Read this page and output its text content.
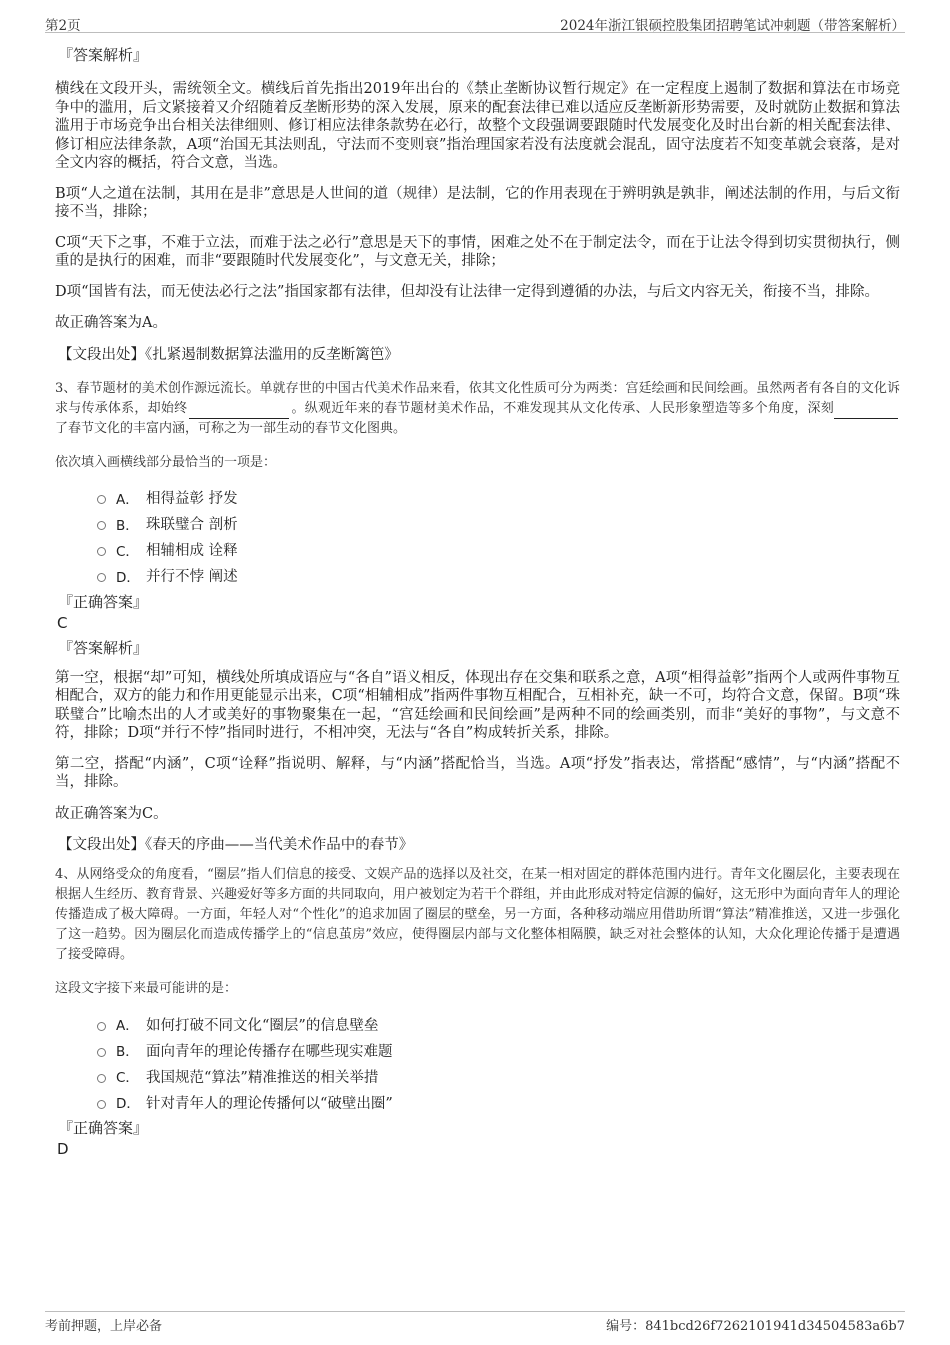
第2页	2024年浙江银硕控股集团招聘笔试冲刺题（带答案解析）

『答案解析』

横线在文段开头，需统领全文。横线后首先指出2019年出台的《禁止垄断协议暂行规定》在一定程度上遏制了数据和算法在市场竞争中的滥用，后文紧接着又介绍随着反垄断形势的深入发展，原来的配套法律已难以适应反垄断新形势需要，及时就防止数据和算法滥用于市场竞争出台相关法律细则、修订相应法律条款势在必行，故整个文段强调要跟随时代发展变化及时出台新的相关配套法律、修订相应法律条款，A项“治国无其法则乱，守法而不变则衰”指治理国家若没有法度就会混乱，固守法度若不知变革就会衰落，是对全文内容的概括，符合文意，当选。

B项“人之道在法制，其用在是非”意思是人世间的道（规律）是法制，它的作用表现在于辨明孰是孰非，阐述法制的作用，与后文衔接不当，排除；

C项“天下之事，不难于立法，而难于法之必行”意思是天下的事情，困难之处不在于制定法令，而在于让法令得到切实贯彻执行，侧重的是执行的困难，而非“要跟随时代发展变化”，与文意无关，排除；

D项“国皆有法，而无使法必行之法”指国家都有法律，但却没有让法律一定得到遵循的办法，与后文内容无关，衔接不当，排除。

故正确答案为A。

【文段出处】《扎紧遏制数据算法滥用的反垄断篱笆》

3、春节题材的美术创作源远流长。单就存世的中国古代美术作品来看，依其文化性质可分为两类：宫廷绘画和民间绘画。虽然两者有各自的文化诉求与传承体系，却始终	。纵观近年来的春节题材美术作品，不难发现其从文化传承、人民形象塑造等多个角度，深刻了春节文化的丰富内涵，可称之为一部生动的春节文化图典。

依次填入画横线部分最恰当的一项是：

A． 相得益彰 抒发
B． 珠联璧合 剖析
C． 相辅相成 诠释
D． 并行不悖 阐述

『正确答案』

C

『答案解析』

第一空，根据“却”可知，横线处所填成语应与“各自”语义相反，体现出存在交集和联系之意，A项“相得益彰”指两个人或两件事物互相配合，双方的能力和作用更能显示出来，C项“相辅相成”指两件事物互相配合，互相补充，缺一不可，均符合文意，保留。B项“珠联璧合”比喻杰出的人才或美好的事物聚集在一起，“宫廷绘画和民间绘画”是两种不同的绘画类别，而非“美好的事物”，与文意不符，排除；D项“并行不悖”指同时进行，不相冲突，无法与“各自”构成转折关系，排除。

第二空，搭配“内涵”，C项“诠释”指说明、解释，与“内涵”搭配恰当，当选。A项“抒发”指表达，常搭配“感情”，与“内涵”搭配不当，排除。

故正确答案为C。

【文段出处】《春天的序曲——当代美术作品中的春节》

4、从网络受众的角度看，“圈层”指人们信息的接受、文娱产品的选择以及社交，在某一相对固定的群体范围内进行。青年文化圈层化，主要表现在根据人生经历、教育背景、兴趣爱好等多方面的共同取向，用户被划定为若干个群组，并由此形成对特定信源的偏好，这无形中为面向青年人的理论传播造成了极大障碍。一方面，年轻人对“个性化”的追求加固了圈层的壁垒，另一方面，各种移动端应用借助所谓“算法”精准推送，又进一步强化了这一趋势。因为圈层化而造成传播学上的“信息茧房”效应，使得圈层内部与文化整体相隔膜，缺乏对社会整体的认知，大众化理论传播于是遭遇了接受障碍。

这段文字接下来最可能讲的是：

A． 如何打破不同文化“圈层”的信息壁垒
B． 面向青年的理论传播存在哪些现实难题
C． 我国规范“算法”精准推送的相关举措
D． 针对青年人的理论传播何以“破壁出圈”

『正确答案』

D

考前押题，上岸必备	编号：841bcd26f7262101941d34504583a6b7
